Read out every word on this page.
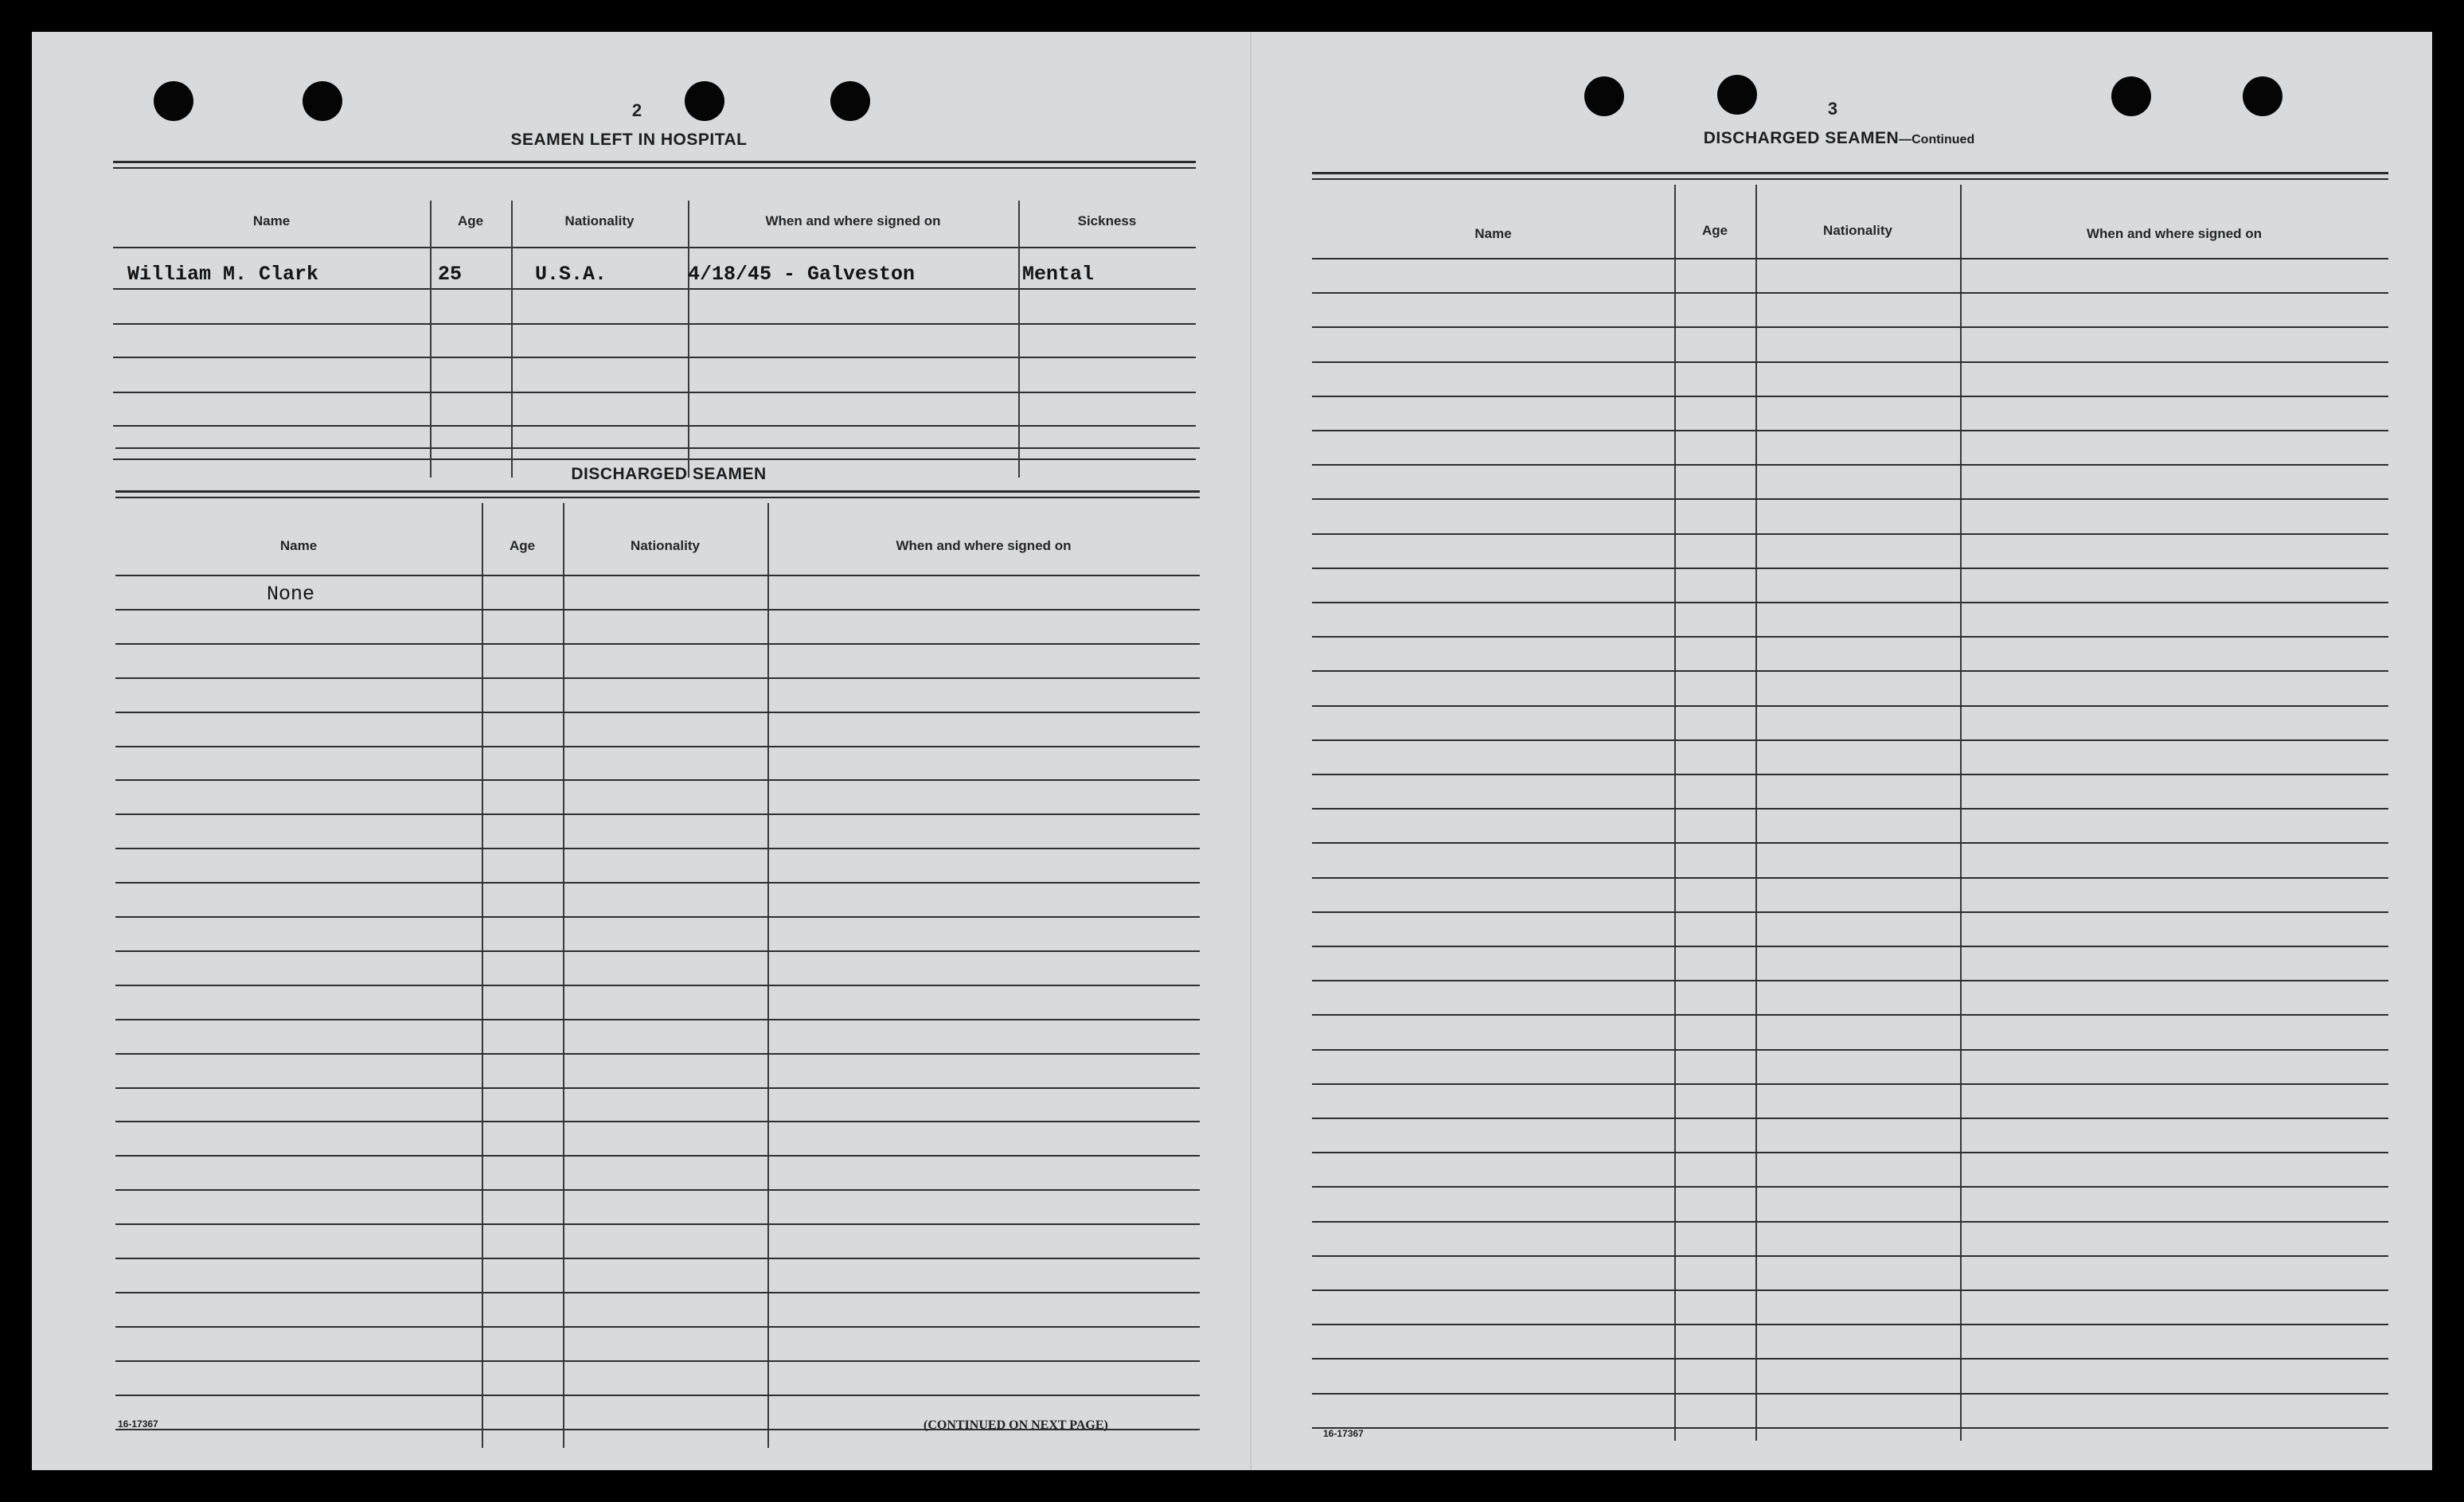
2
SEAMEN LEFT IN HOSPITAL
Name	Age	Nationality	When and where signed on	Sickness
William M. Clark	25	U.S.A.	4/18/45 - Galveston	Mental
DISCHARGED SEAMEN
Name	Age	Nationality	When and where signed on
None
16-17367	(CONTINUED ON NEXT PAGE)
3
DISCHARGED SEAMEN—Continued
Name	Age	Nationality	When and where signed on
16-17367
